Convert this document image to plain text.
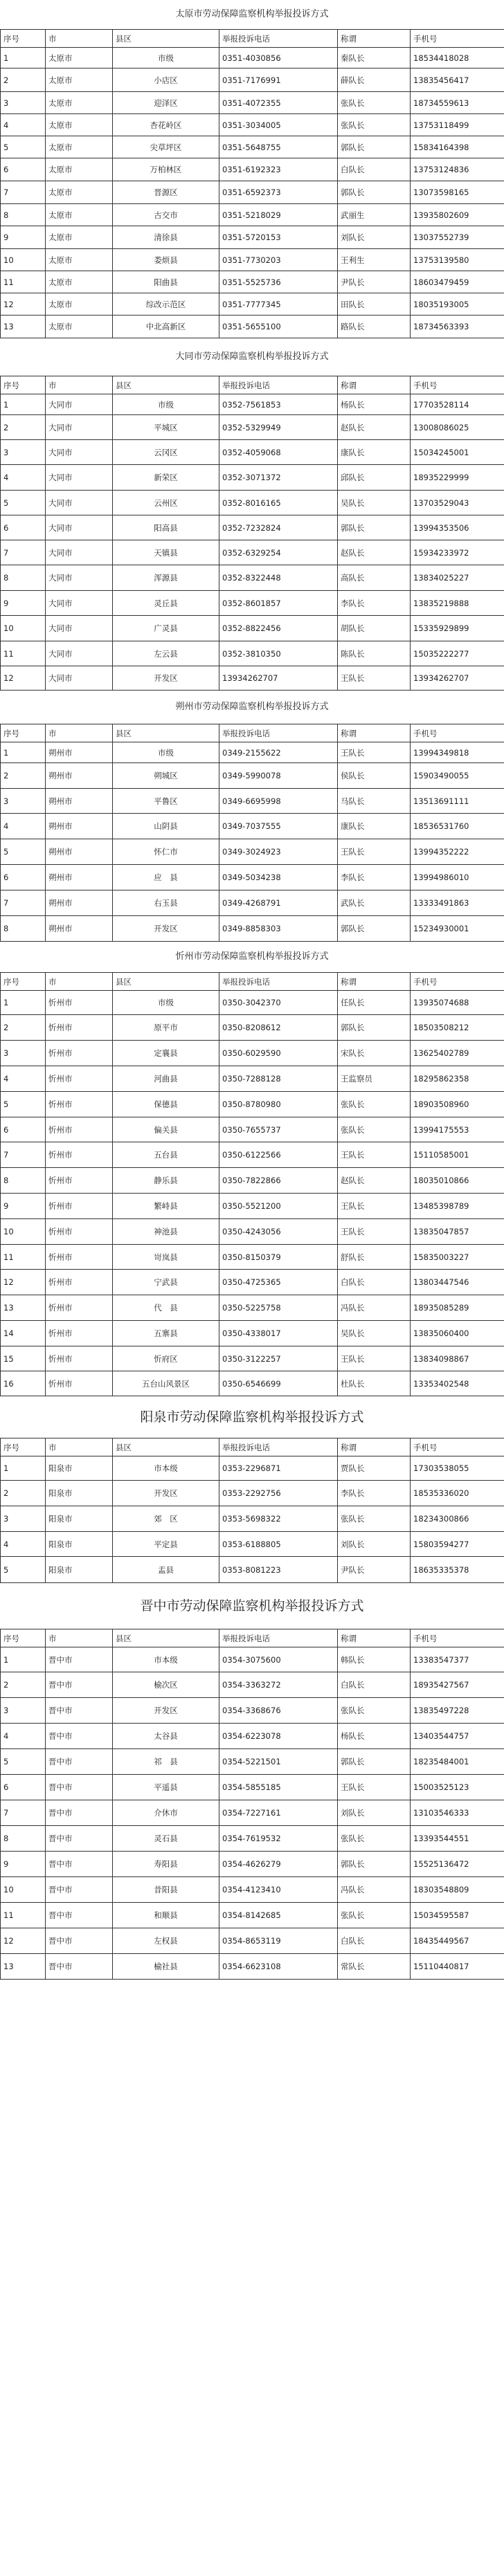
太原市劳动保障监察机构举报投诉方式
序号	市	县区	举报投诉电话	称谓	手机号
1	太原市	市级	0351-4030856	秦队长	18534418028
2	太原市	小店区	0351-7176991	薛队长	13835456417
3	太原市	迎泽区	0351-4072355	张队长	18734559613
4	太原市	杏花岭区	0351-3034005	张队长	13753118499
5	太原市	尖草坪区	0351-5648755	郭队长	15834164398
6	太原市	万柏林区	0351-6192323	白队长	13753124836
7	太原市	晋源区	0351-6592373	郭队长	13073598165
8	太原市	古交市	0351-5218029	武丽生	13935802609
9	太原市	清徐县	0351-5720153	刘队长	13037552739
10	太原市	娄烦县	0351-7730203	王利生	13753139580
11	太原市	阳曲县	0351-5525736	尹队长	18603479459
12	太原市	综改示范区	0351-7777345	田队长	18035193005
13	太原市	中北高新区	0351-5655100	路队长	18734563393
大同市劳动保障监察机构举报投诉方式
序号	市	县区	举报投诉电话	称谓	手机号
1	大同市	市级	0352-7561853	杨队长	17703528114
2	大同市	平城区	0352-5329949	赵队长	13008086025
3	大同市	云冈区	0352-4059068	康队长	15034245001
4	大同市	新荣区	0352-3071372	邱队长	18935229999
5	大同市	云州区	0352-8016165	吴队长	13703529043
6	大同市	阳高县	0352-7232824	郭队长	13994353506
7	大同市	天镇县	0352-6329254	赵队长	15934233972
8	大同市	浑源县	0352-8322448	高队长	13834025227
9	大同市	灵丘县	0352-8601857	李队长	13835219888
10	大同市	广灵县	0352-8822456	胡队长	15335929899
11	大同市	左云县	0352-3810350	陈队长	15035222277
12	大同市	开发区	13934262707	王队长	13934262707
朔州市劳动保障监察机构举报投诉方式
序号	市	县区	举报投诉电话	称谓	手机号
1	朔州市	市级	0349-2155622	王队长	13994349818
2	朔州市	朔城区	0349-5990078	侯队长	15903490055
3	朔州市	平鲁区	0349-6695998	马队长	13513691111
4	朔州市	山阴县	0349-7037555	康队长	18536531760
5	朔州市	怀仁市	0349-3024923	王队长	13994352222
6	朔州市	应　县	0349-5034238	李队长	13994986010
7	朔州市	右玉县	0349-4268791	武队长	13333491863
8	朔州市	开发区	0349-8858303	郭队长	15234930001
忻州市劳动保障监察机构举报投诉方式
序号	市	县区	举报投诉电话	称谓	手机号
1	忻州市	市级	0350-3042370	任队长	13935074688
2	忻州市	原平市	0350-8208612	郭队长	18503508212
3	忻州市	定襄县	0350-6029590	宋队长	13625402789
4	忻州市	河曲县	0350-7288128	王监察员	18295862358
5	忻州市	保德县	0350-8780980	张队长	18903508960
6	忻州市	偏关县	0350-7655737	张队长	13994175553
7	忻州市	五台县	0350-6122566	王队长	15110585001
8	忻州市	静乐县	0350-7822866	赵队长	18035010866
9	忻州市	繁峙县	0350-5521200	王队长	13485398789
10	忻州市	神池县	0350-4243056	王队长	13835047857
11	忻州市	岢岚县	0350-8150379	舒队长	15835003227
12	忻州市	宁武县	0350-4725365	白队长	13803447546
13	忻州市	代　县	0350-5225758	冯队长	18935085289
14	忻州市	五寨县	0350-4338017	吴队长	13835060400
15	忻州市	忻府区	0350-3122257	王队长	13834098867
16	忻州市	五台山风景区	0350-6546699	杜队长	13353402548
阳泉市劳动保障监察机构举报投诉方式
序号	市	县区	举报投诉电话	称谓	手机号
1	阳泉市	市本级	0353-2296871	贾队长	17303538055
2	阳泉市	开发区	0353-2292756	李队长	18535336020
3	阳泉市	郊　区	0353-5698322	张队长	18234300866
4	阳泉市	平定县	0353-6188805	刘队长	15803594277
5	阳泉市	盂县	0353-8081223	尹队长	18635335378
晋中市劳动保障监察机构举报投诉方式
序号	市	县区	举报投诉电话	称谓	手机号
1	晋中市	市本级	0354-3075600	韩队长	13383547377
2	晋中市	榆次区	0354-3363272	白队长	18935427567
3	晋中市	开发区	0354-3368676	张队长	13835497228
4	晋中市	太谷县	0354-6223078	杨队长	13403544757
5	晋中市	祁　县	0354-5221501	郭队长	18235484001
6	晋中市	平遥县	0354-5855185	王队长	15003525123
7	晋中市	介休市	0354-7227161	刘队长	13103546333
8	晋中市	灵石县	0354-7619532	张队长	13393544551
9	晋中市	寿阳县	0354-4626279	郭队长	15525136472
10	晋中市	昔阳县	0354-4123410	冯队长	18303548809
11	晋中市	和顺县	0354-8142685	张队长	15034595587
12	晋中市	左权县	0354-8653119	白队长	18435449567
13	晋中市	榆社县	0354-6623108	常队长	15110440817
